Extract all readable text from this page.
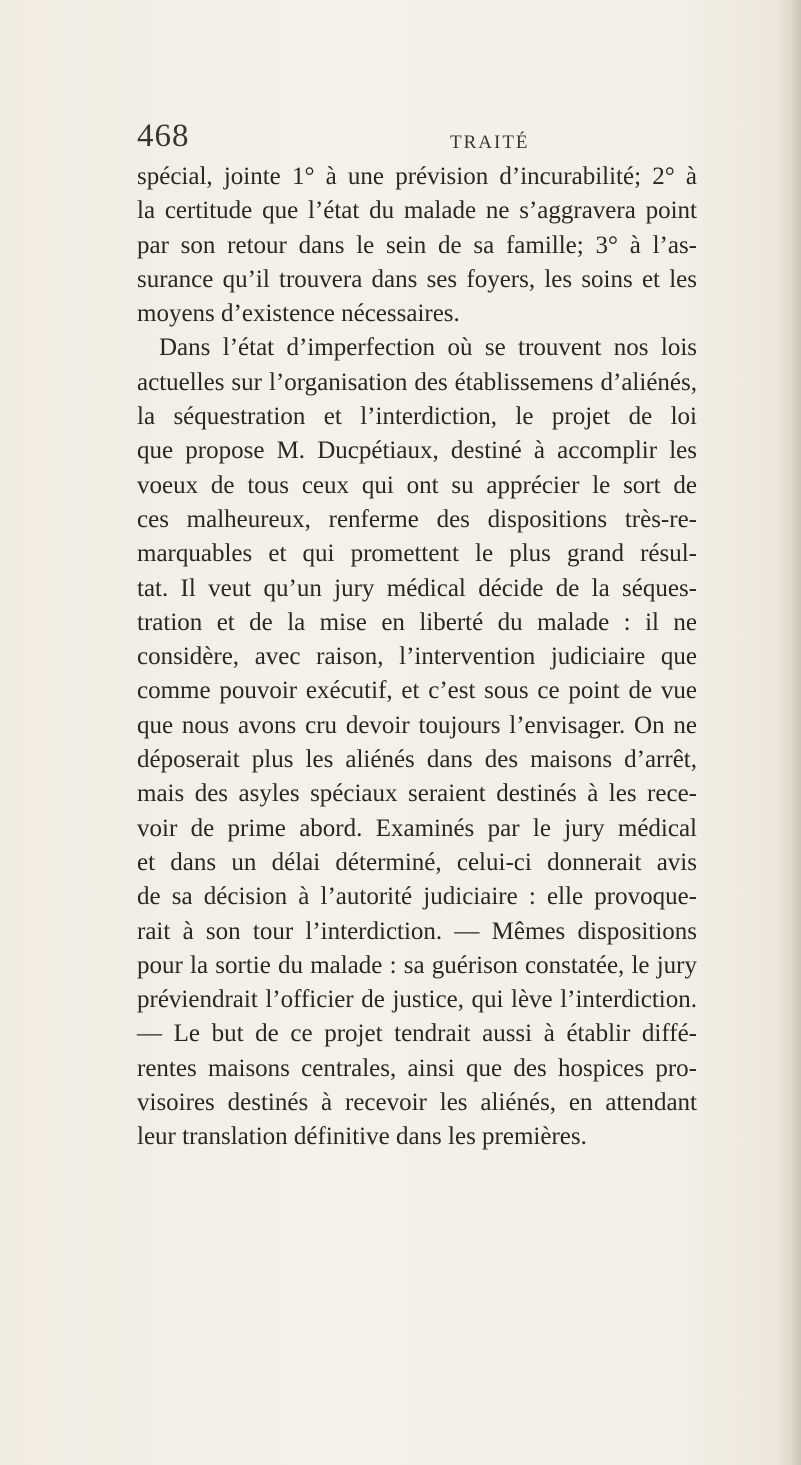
468	TRAITÉ
spécial, jointe 1° à une prévision d’incurabilité; 2° à
la certitude que l’état du malade ne s’aggravera point
par son retour dans le sein de sa famille; 3° à l’as-
surance qu’il trouvera dans ses foyers, les soins et les
moyens d’existence nécessaires.
Dans l’état d’imperfection où se trouvent nos lois
actuelles sur l’organisation des établissemens d’aliénés,
la séquestration et l’interdiction, le projet de loi
que propose M. Ducpétiaux, destiné à accomplir les
voeux de tous ceux qui ont su apprécier le sort de
ces malheureux, renferme des dispositions très-re-
marquables et qui promettent le plus grand résul-
tat. Il veut qu’un jury médical décide de la séques-
tration et de la mise en liberté du malade : il ne
considère, avec raison, l’intervention judiciaire que
comme pouvoir exécutif, et c’est sous ce point de vue
que nous avons cru devoir toujours l’envisager. On ne
déposerait plus les aliénés dans des maisons d’arrêt,
mais des asyles spéciaux seraient destinés à les rece-
voir de prime abord. Examinés par le jury médical
et dans un délai déterminé, celui-ci donnerait avis
de sa décision à l’autorité judiciaire : elle provoque-
rait à son tour l’interdiction. — Mêmes dispositions
pour la sortie du malade : sa guérison constatée, le jury
préviendrait l’officier de justice, qui lève l’interdiction.
— Le but de ce projet tendrait aussi à établir diffé-
rentes maisons centrales, ainsi que des hospices pro-
visoires destinés à recevoir les aliénés, en attendant
leur translation définitive dans les premières.
